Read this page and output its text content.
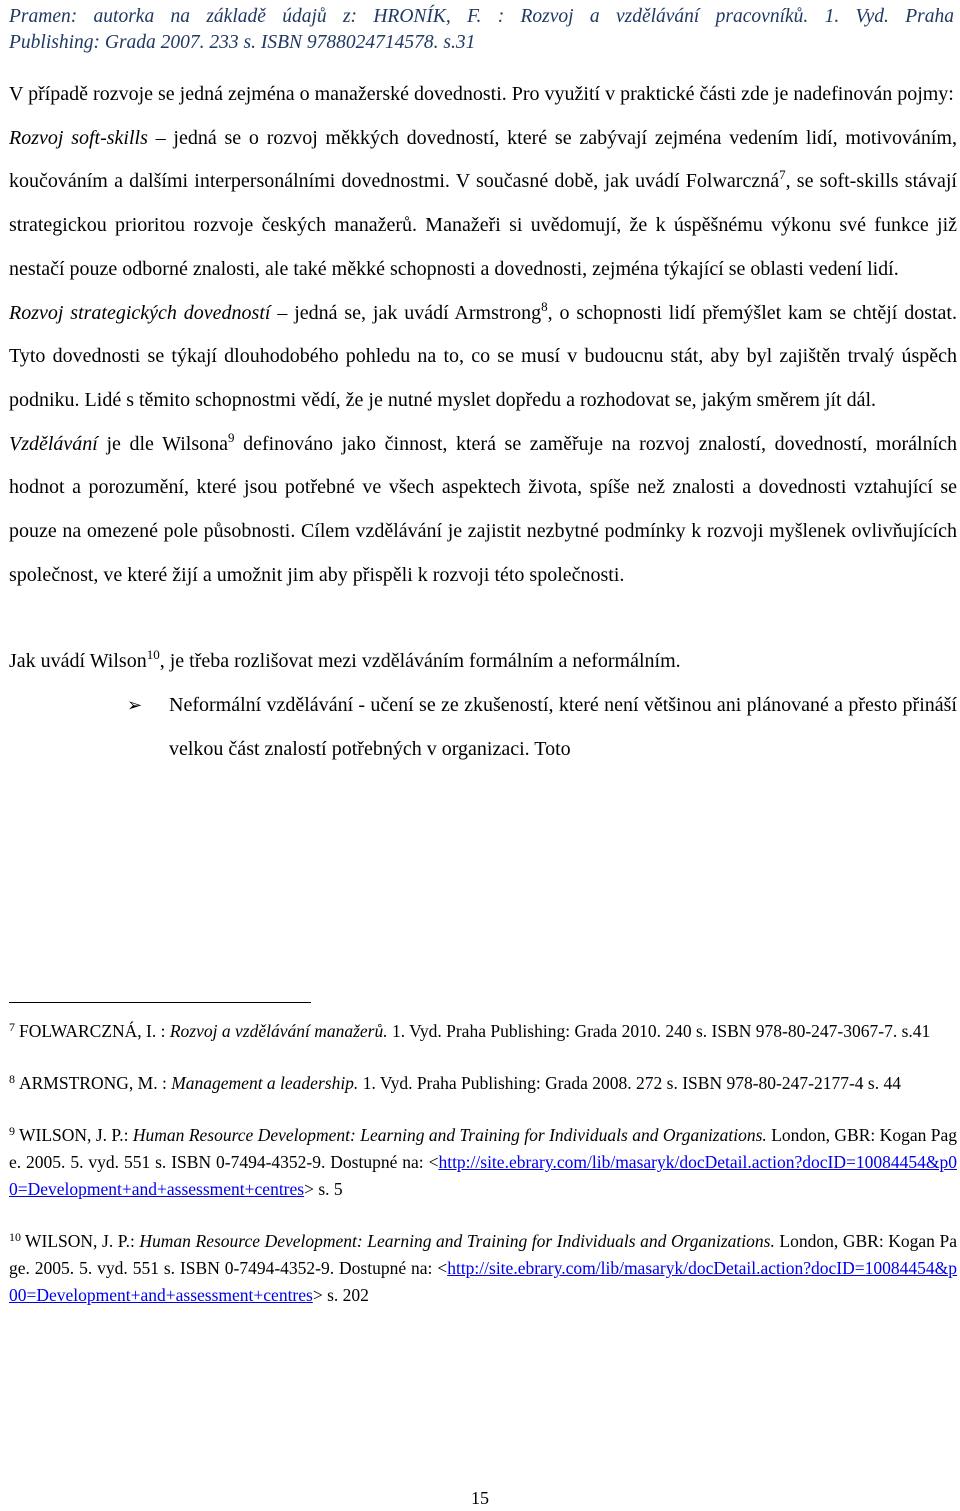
Pramen: autorka na základě údajů z: HRONÍK, F. : Rozvoj a vzdělávání pracovníků. 1. Vyd. Praha
Publishing: Grada 2007. 233 s. ISBN 9788024714578. s.31

V případě rozvoje se jedná zejména o manažerské dovednosti. Pro využití v praktické části zde je nadefinován pojmy:

Rozvoj soft-skills – jedná se o rozvoj měkkých dovedností, které se zabývají zejména vedením lidí, motivováním, koučováním a dalšími interpersonálními dovednostmi. V současné době, jak uvádí Folwarczná$^7$, se soft-skills stávají strategickou prioritou rozvoje českých manažerů. Manažeři si uvědomují, že k úspěšnému výkonu své funkce již nestačí pouze odborné znalosti, ale také měkké schopnosti a dovednosti, zejména týkající se oblasti vedení lidí.

Rozvoj strategických dovedností – jedná se, jak uvádí Armstrong$^8$, o schopnosti lidí přemýšlet kam se chtějí dostat. Tyto dovednosti se týkají dlouhodobého pohledu na to, co se musí v budoucnu stát, aby byl zajištěn trvalý úspěch podniku. Lidé s těmito schopnostmi vědí, že je nutné myslet dopředu a rozhodovat se, jakým směrem jít dál.

Vzdělávání je dle Wilsona$^9$ definováno jako činnost, která se zaměřuje na rozvoj znalostí, dovedností, morálních hodnot a porozumění, které jsou potřebné ve všech aspektech života, spíše než znalosti a dovednosti vztahující se pouze na omezené pole působnosti. Cílem vzdělávání je zajistit nezbytné podmínky k rozvoji myšlenek ovlivňujících společnost, ve které žijí a umožnit jim aby přispěli k rozvoji této společnosti.

Jak uvádí Wilson$^{10}$, je třeba rozlišovat mezi vzděláváním formálním a neformálním.

➢	Neformální vzdělávání - učení se ze zkušeností, které není většinou ani plánované a přesto přináší velkou část znalostí potřebných v organizaci. Toto

$^7$ FOLWARCZNÁ, I. : Rozvoj a vzdělávání manažerů. 1. Vyd. Praha Publishing: Grada 2010. 240 s. ISBN 978-80-247-3067-7. s.41

$^8$ ARMSTRONG, M. : Management a leadership. 1. Vyd. Praha Publishing: Grada 2008. 272 s. ISBN 978-80-247-2177-4 s. 44

$^9$ WILSON, J. P.: Human Resource Development: Learning and Training for Individuals and Organizations. London, GBR: Kogan Page. 2005. 5. vyd. 551 s. ISBN 0-7494-4352-9. Dostupné na: <http://site.ebrary.com/lib/masaryk/docDetail.action?docID=10084454&p00=Development+and+assessment+centres> s. 5

$^{10}$ WILSON, J. P.: Human Resource Development: Learning and Training for Individuals and Organizations. London, GBR: Kogan Page. 2005. 5. vyd. 551 s. ISBN 0-7494-4352-9. Dostupné na: <http://site.ebrary.com/lib/masaryk/docDetail.action?docID=10084454&p00=Development+and+assessment+centres> s. 202

15
